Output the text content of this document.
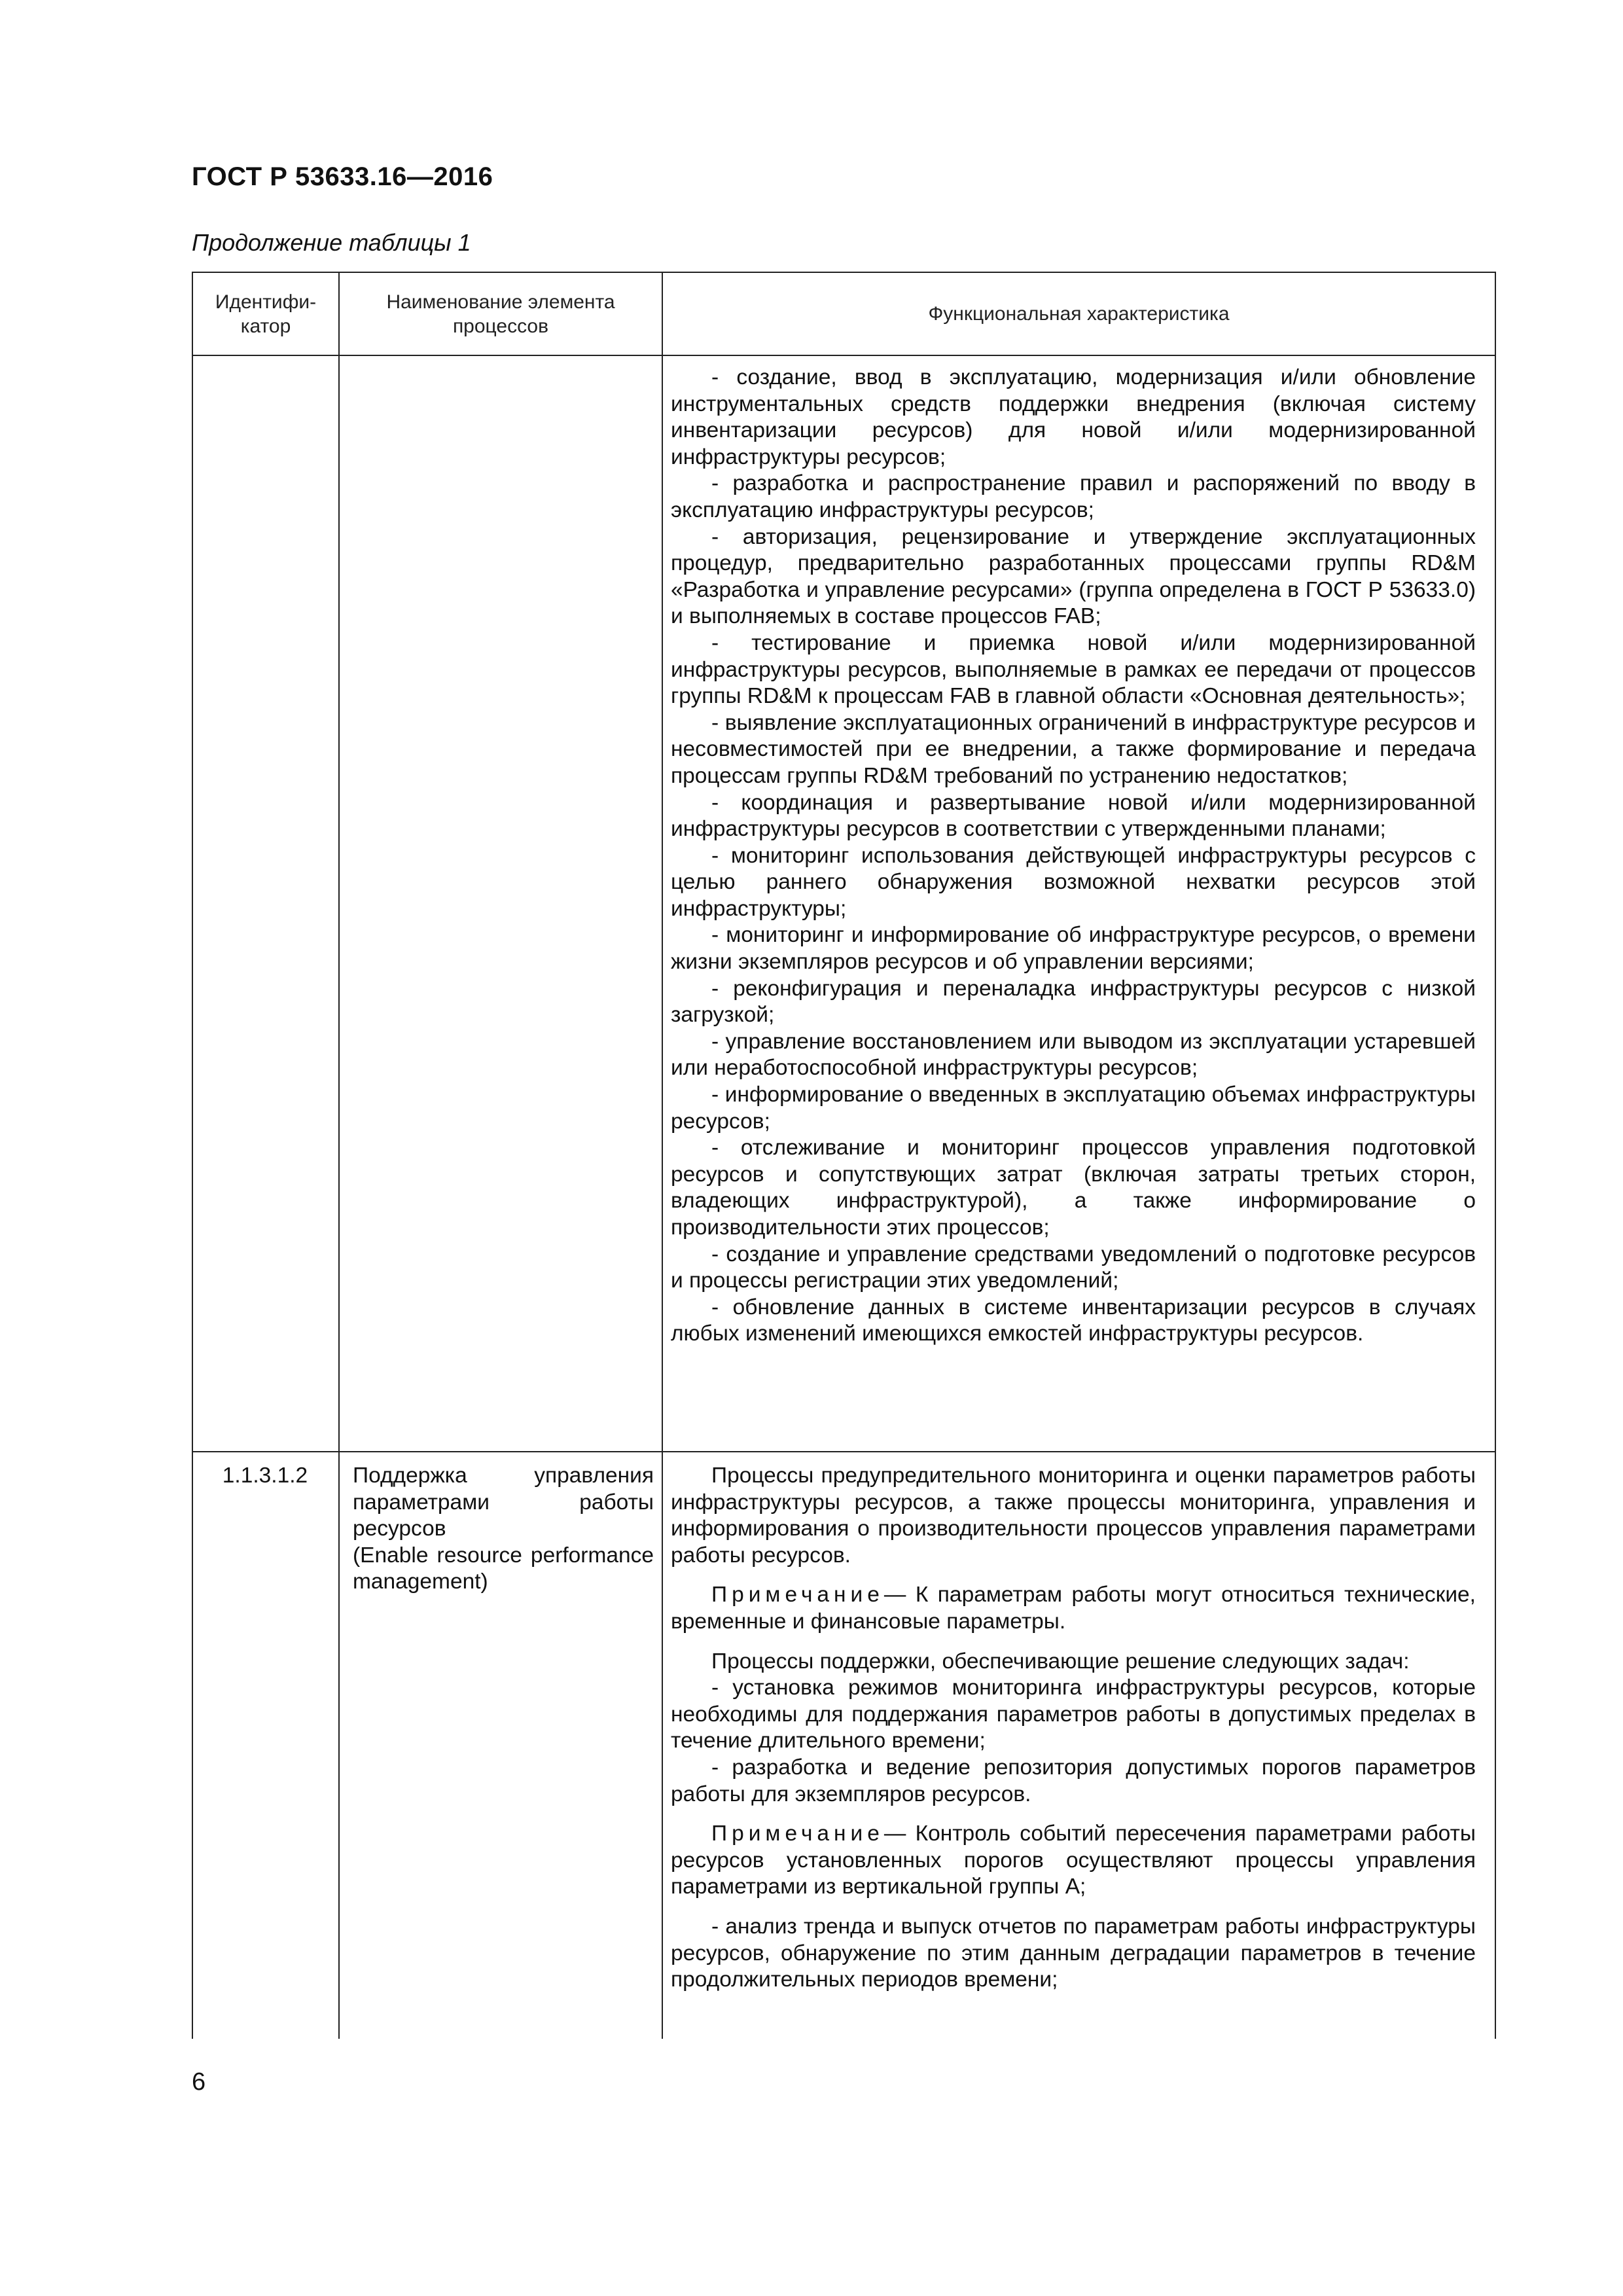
ГОСТ Р 53633.16—2016
Продолжение таблицы 1
Идентифи-
катор
Наименование элемента
процессов
Функциональная характеристика

- создание, ввод в эксплуатацию, модернизация и/или обновление инструментальных средств поддержки внедрения (включая систему инвентаризации ресурсов) для новой и/или модернизированной инфраструктуры ресурсов;

- разработка и распространение правил и распоряжений по вводу в эксплуатацию инфраструктуры ресурсов;

- авторизация, рецензирование и утверждение эксплуатационных процедур, предварительно разработанных процессами группы RD&M «Разработка и управление ресурсами» (группа определена в ГОСТ Р 53633.0) и выполняемых в составе процессов FAB;

- тестирование и приемка новой и/или модернизированной инфраструктуры ресурсов, выполняемые в рамках ее передачи от процессов группы RD&M к процессам FAB в главной области «Основная деятельность»;

- выявление эксплуатационных ограничений в инфраструктуре ресурсов и несовместимостей при ее внедрении, а также формирование и передача процессам группы RD&M требований по устранению недостатков;

- координация и развертывание новой и/или модернизированной инфраструктуры ресурсов в соответствии с утвержденными планами;

- мониторинг использования действующей инфраструктуры ресурсов с целью раннего обнаружения возможной нехватки ресурсов этой инфраструктуры;

- мониторинг и информирование об инфраструктуре ресурсов, о времени жизни экземпляров ресурсов и об управлении версиями;

- реконфигурация и переналадка инфраструктуры ресурсов с низкой загрузкой;

- управление восстановлением или выводом из эксплуатации устаревшей или неработоспособной инфраструктуры ресурсов;

- информирование о введенных в эксплуатацию объемах инфраструктуры ресурсов;

- отслеживание и мониторинг процессов управления подготовкой ресурсов и сопутствующих затрат (включая затраты третьих сторон, владеющих инфраструктурой), а также информирование о производительности этих процессов;

- создание и управление средствами уведомлений о подготовке ресурсов и процессы регистрации этих уведомлений;

- обновление данных в системе инвентаризации ресурсов в случаях любых изменений имеющихся емкостей инфраструктуры ресурсов.

1.1.3.1.2	Поддержка управления параметрами работы ресурсов

(Enable resource performance management)

Процессы предупредительного мониторинга и оценки параметров работы инфраструктуры ресурсов, а также процессы мониторинга, управления и информирования о производительности процессов управления параметрами работы ресурсов.

Примечание— К параметрам работы могут относиться технические, временные и финансовые параметры.

Процессы поддержки, обеспечивающие решение следующих задач:

- установка режимов мониторинга инфраструктуры ресурсов, которые необходимы для поддержания параметров работы в допустимых пределах в течение длительного времени;

- разработка и ведение репозитория допустимых порогов параметров работы для экземпляров ресурсов.

Примечание— Контроль событий пересечения параметрами работы ресурсов установленных порогов осуществляют процессы управления параметрами из вертикальной группы А;

- анализ тренда и выпуск отчетов по параметрам работы инфраструктуры ресурсов, обнаружение по этим данным деградации параметров в течение продолжительных периодов времени;

6
